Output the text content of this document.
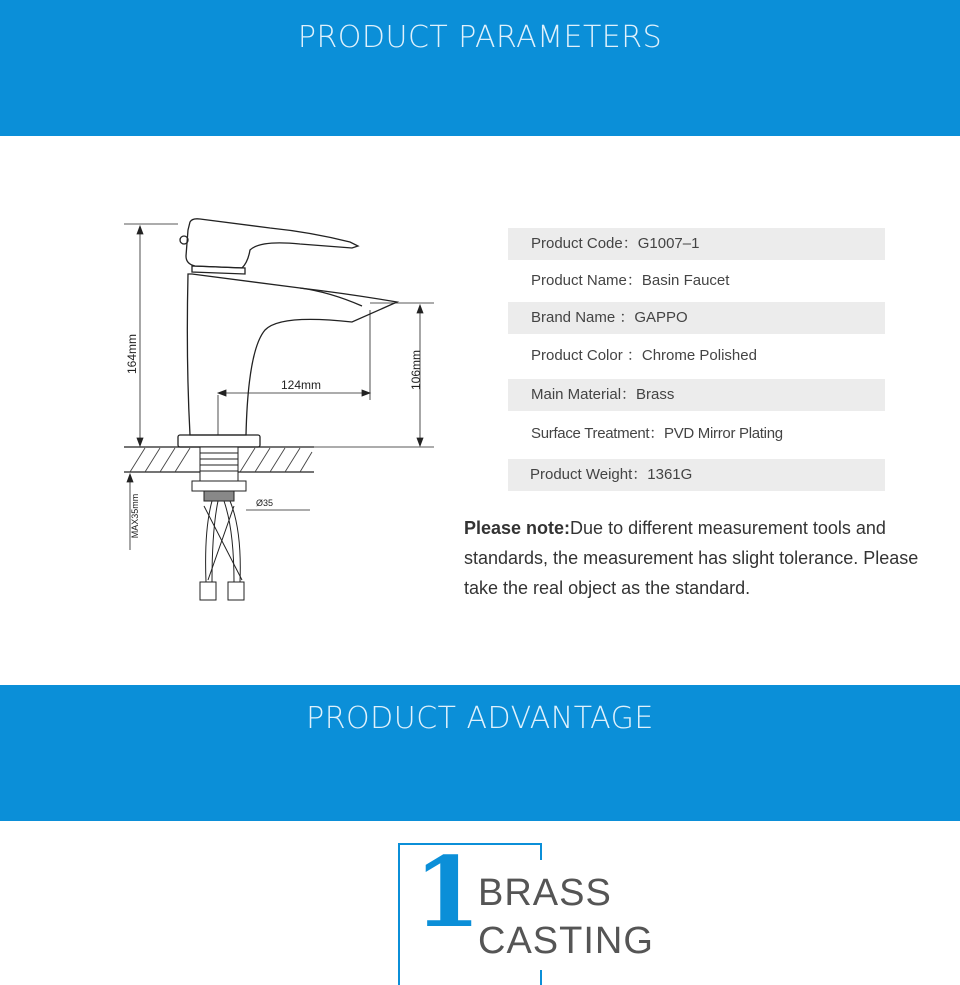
PRODUCT PARAMETERS
164mm
124mm	106mm
MAX35mm	Ø35
Product Code：G1007–1
Product Name：Basin Faucet
Brand Name ：GAPPO
Product Color ：Chrome Polished
Main Material：Brass
Surface Treatment：PVD Mirror Plating
Product Weight：1361G
Please note:Due to different measurement tools and standards, the measurement has slight tolerance. Please take the real object as the standard.
PRODUCT ADVANTAGE
1
BRASS
CASTING
